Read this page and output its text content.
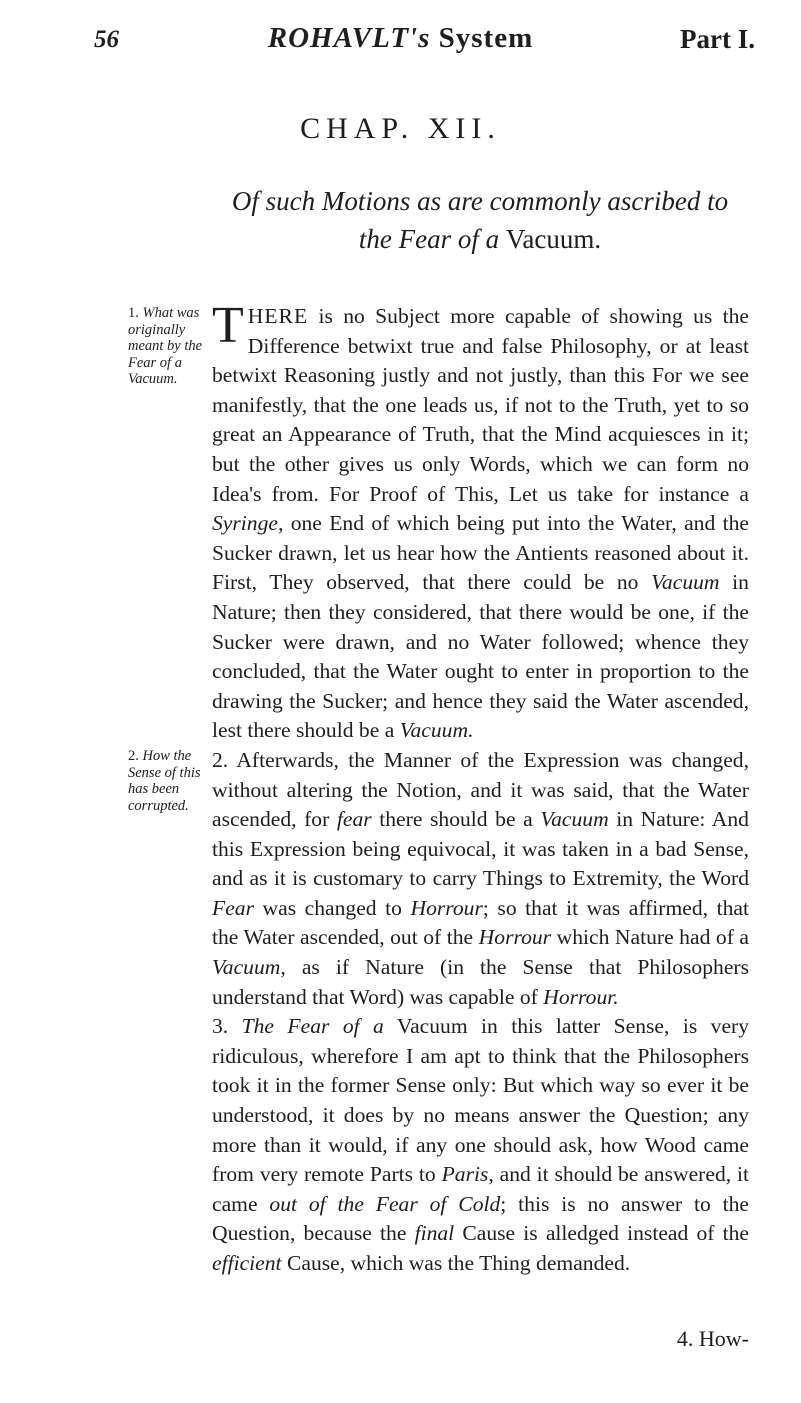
56	ROHAVLT's System	Part I.
CHAP. XII.
Of such Motions as are commonly ascribed to the Fear of a Vacuum.
1. What was originally meant by the Fear of a Vacuum.
2. How the Sense of this has been corrupted.

THERE is no Subject more capable of showing us the Difference betwixt true and false Philosophy, or at least betwixt Reasoning justly and not justly, than this For we see manifestly, that the one leads us, if not to the Truth, yet to so great an Appearance of Truth, that the Mind acquiesces in it; but the other gives us only Words, which we can form no Idea's from. For Proof of This, Let us take for instance a Syringe, one End of which being put into the Water, and the Sucker drawn, let us hear how the Antients reasoned about it. First, They observed, that there could be no Vacuum in Nature; then they considered, that there would be one, if the Sucker were drawn, and no Water followed; whence they concluded, that the Water ought to enter in proportion to the drawing the Sucker; and hence they said the Water ascended, lest there should be a Vacuum.

2. Afterwards, the Manner of the Expression was changed, without altering the Notion, and it was said, that the Water ascended, for fear there should be a Vacuum in Nature: And this Expression being equivocal, it was taken in a bad Sense, and as it is customary to carry Things to Extremity, the Word Fear was changed to Horrour; so that it was affirmed, that the Water ascended, out of the Horrour which Nature had of a Vacuum, as if Nature (in the Sense that Philosophers understand that Word) was capable of Horrour.

3. The Fear of a Vacuum in this latter Sense, is very ridiculous, wherefore I am apt to think that the Philosophers took it in the former Sense only: But which way so ever it be understood, it does by no means answer the Question; any more than it would, if any one should ask, how Wood came from very remote Parts to Paris, and it should be answered, it came out of the Fear of Cold; this is no answer to the Question, because the final Cause is alledged instead of the efficient Cause, which was the Thing demanded.

4. How-
